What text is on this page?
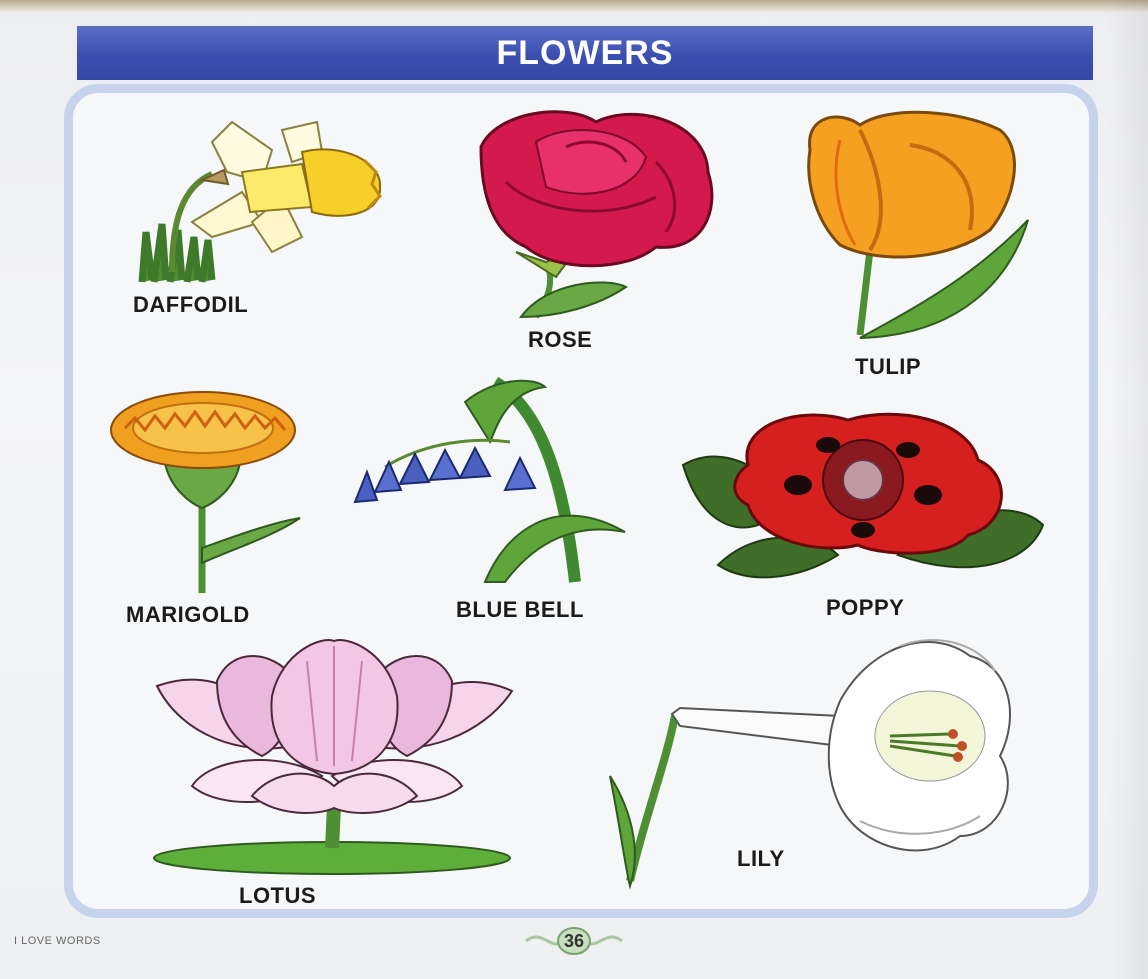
FLOWERS
DAFFODIL
ROSE
TULIP
MARIGOLD	BLUE BELL	POPPY
LOTUS
LILY
I LOVE WORDS	36
